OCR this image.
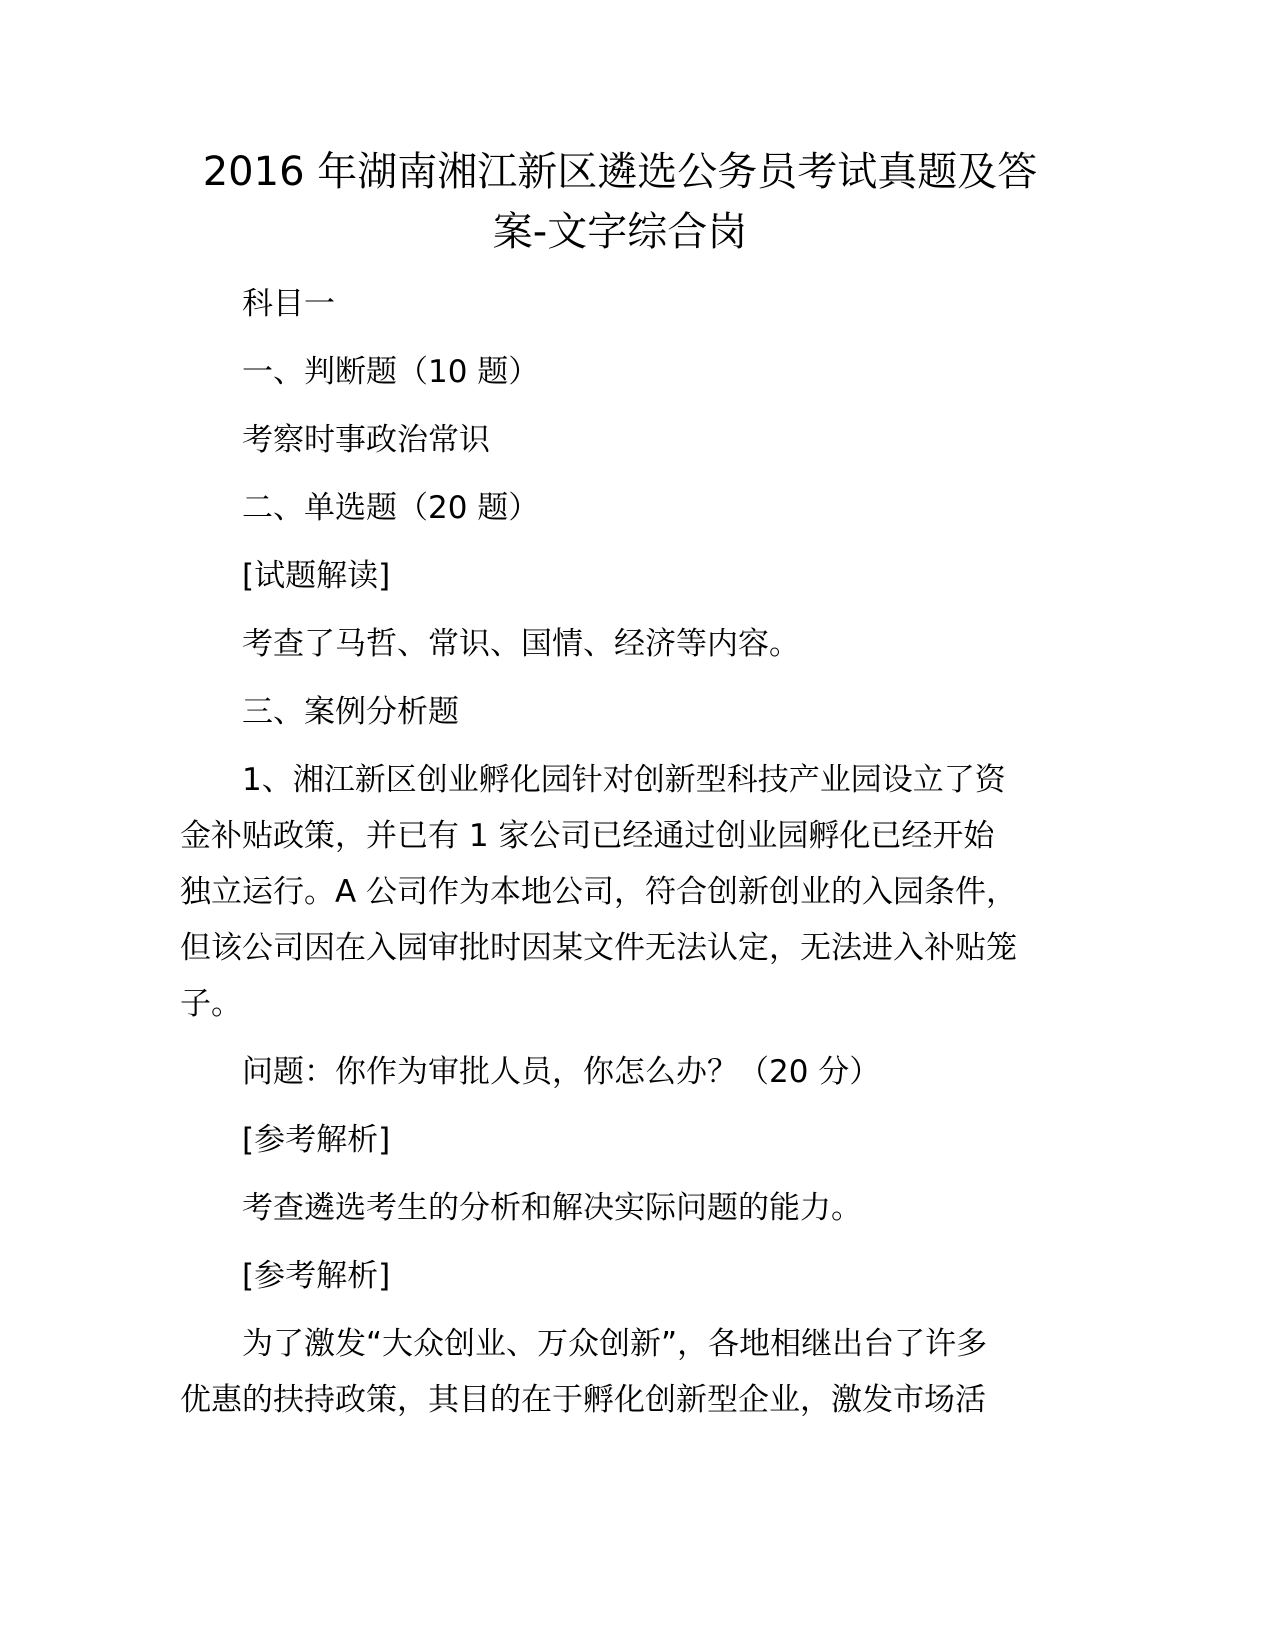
2016 年湖南湘江新区遴选公务员考试真题及答
案-文字综合岗
科目一
一、判断题（10 题）
考察时事政治常识
二、单选题（20 题）
[试题解读]
考查了马哲、常识、国情、经济等内容。
三、案例分析题
1、湘江新区创业孵化园针对创新型科技产业园设立了资
金补贴政策，并已有 1 家公司已经通过创业园孵化已经开始
独立运行。A 公司作为本地公司，符合创新创业的入园条件，
但该公司因在入园审批时因某文件无法认定，无法进入补贴笼
子。
问题：你作为审批人员，你怎么办？（20 分）
[参考解析]
考查遴选考生的分析和解决实际问题的能力。
[参考解析]
为了激发“大众创业、万众创新”，各地相继出台了许多
优惠的扶持政策，其目的在于孵化创新型企业，激发市场活
